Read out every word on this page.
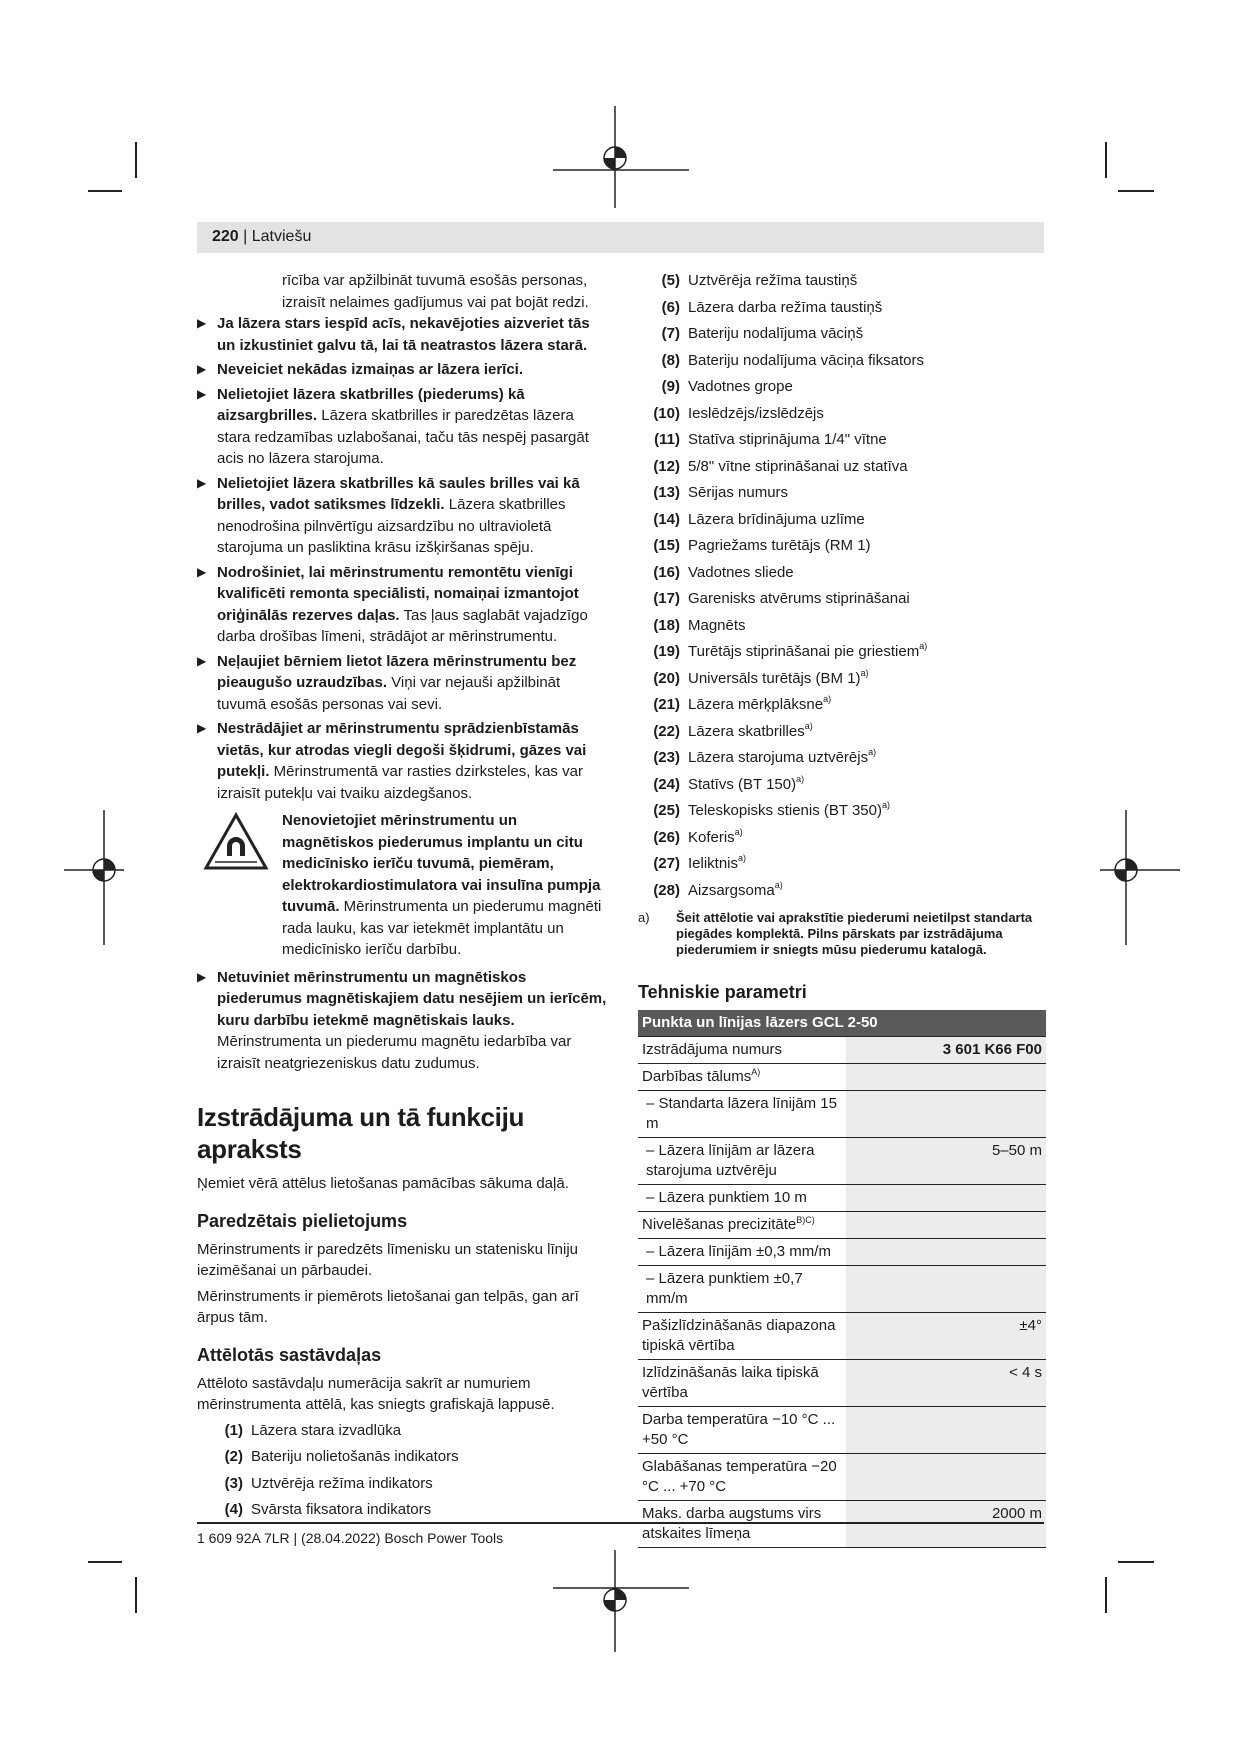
220 | Latviešu

rīcība var apžilbināt tuvumā esošās personas, izraisīt nelaimes gadījumus vai pat bojāt redzi.

▶ Ja lāzera stars iespīd acīs, nekavējoties aizveriet tās un izkustiniet galvu tā, lai tā neatrastos lāzera starā.
▶ Neveiciet nekādas izmaiņas ar lāzera ierīci.
▶ Nelietojiet lāzera skatbrilles (piederums) kā aizsargbrilles. Lāzera skatbrilles ir paredzētas lāzera stara redzamības uzlabošanai, taču tās nespēj pasargāt acis no lāzera starojuma.
▶ Nelietojiet lāzera skatbrilles kā saules brilles vai kā brilles, vadot satiksmes līdzekli. Lāzera skatbrilles nenodrošina pilnvērtīgu aizsardzību no ultravioletā starojuma un pasliktina krāsu izšķiršanas spēju.
▶ Nodrošiniet, lai mērinstrumentu remontētu vienīgi kvalificēti remonta speciālisti, nomaiņai izmantojot oriģinālās rezerves daļas. Tas ļaus saglabāt vajadzīgo darba drošības līmeni, strādājot ar mērinstrumentu.
▶ Neļaujiet bērniem lietot lāzera mērinstrumentu bez pieaugušo uzraudzības. Viņi var nejauši apžilbināt tuvumā esošās personas vai sevi.
▶ Nestrādājiet ar mērinstrumentu sprādzienbīstamās vietās, kur atrodas viegli degoši šķidrumi, gāzes vai putekļi. Mērinstrumentā var rasties dzirksteles, kas var izraisīt putekļu vai tvaiku aizdegšanos.
Nenovietojiet mērinstrumentu un magnētiskos piederumus implantu un citu medicīnisko ierīču tuvumā, piemēram, elektrokardiostimulatora vai insulīna pumpja tuvumā. Mērinstrumenta un piederumu magnēti rada lauku, kas var ietekmēt implantātu un medicīnisko ierīču darbību.
▶ Netuviniet mērinstrumentu un magnētiskos piederumus magnētiskajiem datu nesējiem un ierīcēm, kuru darbību ietekmē magnētiskais lauks. Mērinstrumenta un piederumu magnētu iedarbība var izraisīt neatgriezeniskus datu zudumus.
Izstrādājuma un tā funkciju apraksts

Ņemiet vērā attēlus lietošanas pamācības sākuma daļā.

Paredzētais pielietojums

Mērinstruments ir paredzēts līmenisku un statenisku līniju iezimēšanai un pārbaudei.

Mērinstruments ir piemērots lietošanai gan telpās, gan arī ārpus tām.

Attēlotās sastāvdaļas

Attēloto sastāvdaļu numerācija sakrīt ar numuriem mērinstrumenta attēlā, kas sniegts grafiskajā lappusē.

(1) Lāzera stara izvadlūka
(2) Bateriju nolietošanās indikators
(3) Uztvērēja režīma indikators
(4) Svārsta fiksatora indikators
(5) Uztvērēja režīma taustiņš
(6) Lāzera darba režīma taustiņš
(7) Bateriju nodalījuma vāciņš
(8) Bateriju nodalījuma vāciņa fiksators
(9) Vadotnes grope
(10) Ieslēdzējs/izslēdzējs
(11) Statīva stiprinājuma 1/4" vītne
(12) 5/8" vītne stiprināšanai uz statīva
(13) Sērijas numurs
(14) Lāzera brīdinājuma uzlīme
(15) Pagriežams turētājs (RM 1)
(16) Vadotnes sliede
(17) Garenisks atvērums stiprināšanai
(18) Magnēts
(19) Turētājs stiprināšanai pie griestiem$^{a)}$
(20) Universāls turētājs (BM 1)$^{a)}$
(21) Lāzera mērķplāksne$^{a)}$
(22) Lāzera skatbrilles$^{a)}$
(23) Lāzera starojuma uztvērējs$^{a)}$
(24) Statīvs (BT 150)$^{a)}$
(25) Teleskopisks stienis (BT 350)$^{a)}$
(26) Koferis$^{a)}$
(27) Ieliktnis$^{a)}$
(28) Aizsargsoma$^{a)}$
a) Šeit attēlotie vai aprakstītie piederumi neietilpst standarta piegādes komplektā. Pilns pārskats par izstrādājuma piederumiem ir sniegts mūsu piederumu katalogā.
Tehniskie parametri
Punkta un līnijas lāzers GCL 2-50	
Izstrādājuma numurs	3 601 K66 F00
Darbības tālums$^{A)}$	
– Standarta lāzera līnijām 15 m	
– Lāzera līnijām ar lāzera starojuma uztvērēju	5–50 m
– Lāzera punktiem 10 m	
Nivelēšanas precizitāte$^{B)C)}$	
– Lāzera līnijām ±0,3 mm/m	
– Lāzera punktiem ±0,7 mm/m	
Pašizlīdzināšanās diapazona tipiskā vērtība	±4°
Izlīdzināšanās laika tipiskā vērtība	< 4 s
Darba temperatūra −10 °C ... +50 °C	
Glabāšanas temperatūra −20 °C ... +70 °C	
Maks. darba augstums virs atskaites līmeņa	2000 m
1 609 92A 7LR | (28.04.2022) Bosch Power Tools
